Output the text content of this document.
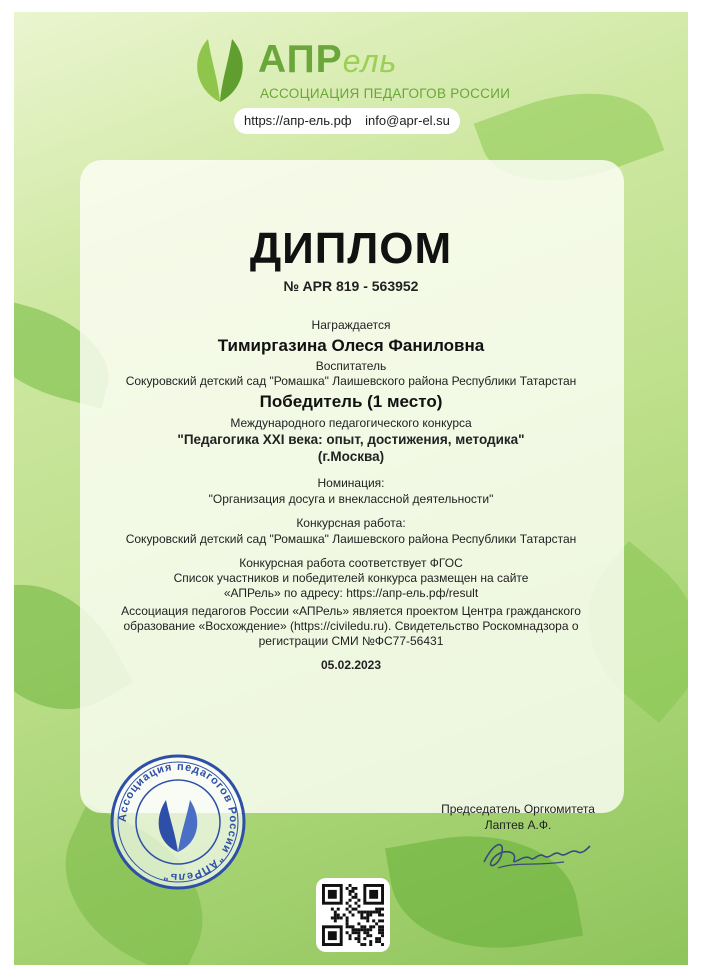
АПРель
АССОЦИАЦИЯ ПЕДАГОГОВ РОССИИ
https://апр-ель.рф info@apr-el.su
ДИПЛОМ
№ APR 819 - 563952
Награждается
Тимиргазина Олеся Фаниловна
Воспитатель
Сокуровский детский сад "Ромашка" Лаишевского района Республики Татарстан
Победитель (1 место)
Международного педагогического конкурса
"Педагогика XXI века: опыт, достижения, методика"
(г.Москва)
Номинация:
"Организация досуга и внеклассной деятельности"
Конкурсная работа:
Сокуровский детский сад "Ромашка" Лаишевского района Республики Татарстан
Конкурсная работа соответствует ФГОС
Список участников и победителей конкурса размещен на сайте
«АПРель» по адресу: https://апр-ель.рф/result
Ассоциация педагогов России «АПРель» является проектом Центра гражданского
образование «Восхождение» (https://civiledu.ru). Свидетельство Роскомнадзора о
регистрации СМИ №ФС77-56431
05.02.2023
Ассоциация педагогов России "АПРель"
Председатель Оргкомитета
Лаптев А.Ф.
